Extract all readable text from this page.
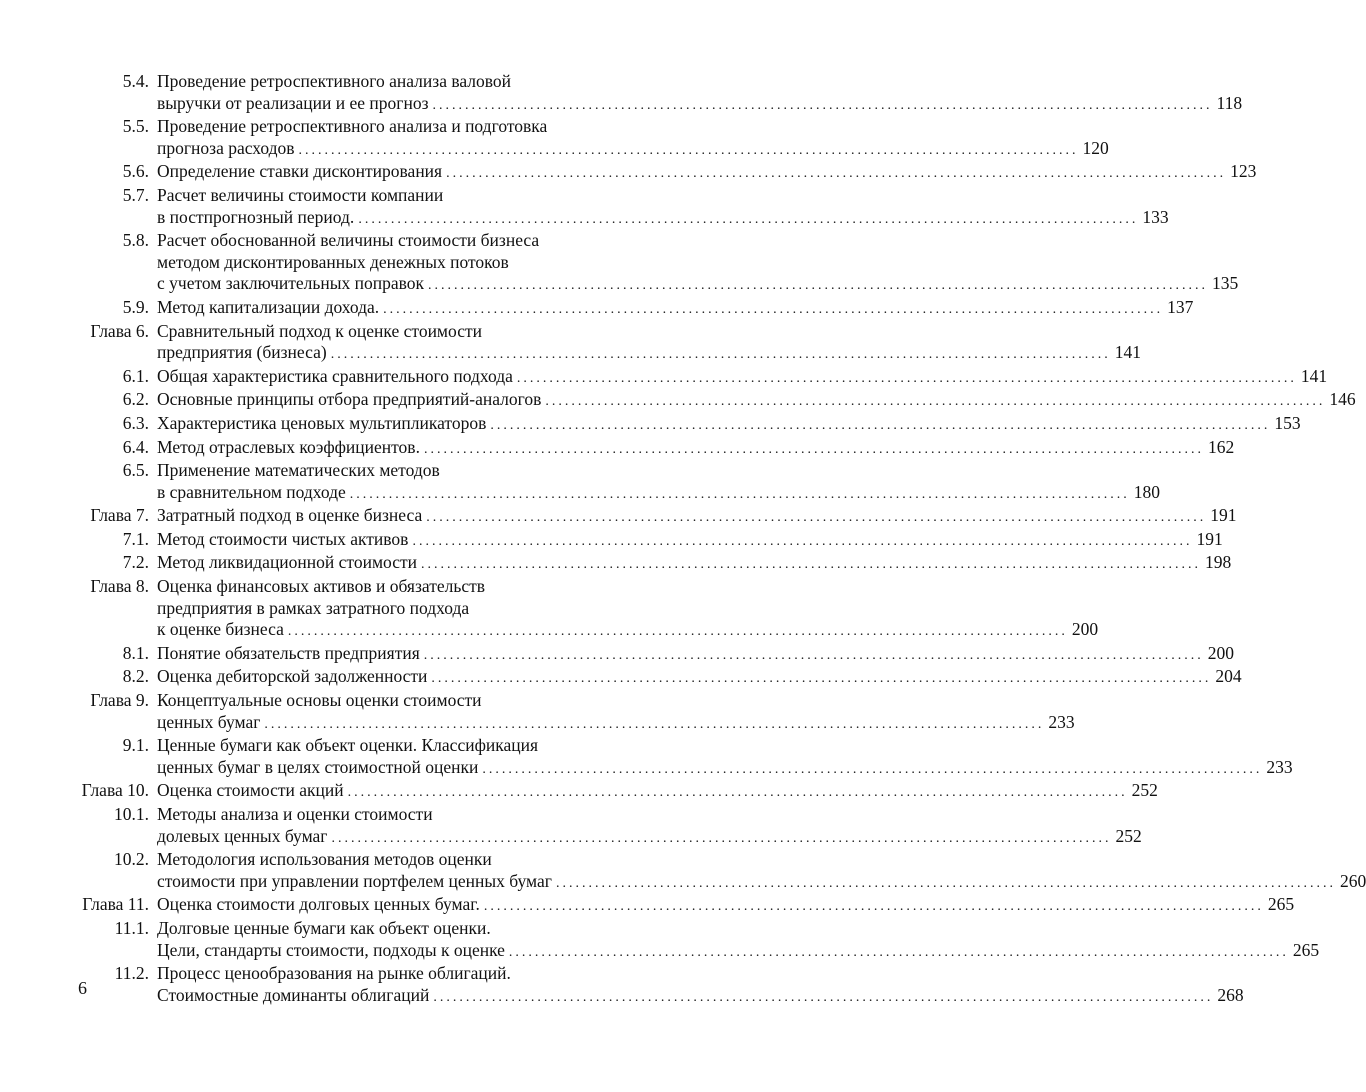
5.4. Проведение ретроспективного анализа валовой
выручки от реализации и ее прогноз ........................................................................................................................ 118
5.5. Проведение ретроспективного анализа и подготовка
прогноза расходов ........................................................................................................................ 120
5.6. Определение ставки дисконтирования ........................................................................................................................ 123
5.7. Расчет величины стоимости компании
в постпрогнозный период. ........................................................................................................................ 133
5.8. Расчет обоснованной величины стоимости бизнеса
методом дисконтированных денежных потоков
с учетом заключительных поправок ........................................................................................................................ 135
5.9. Метод капитализации дохода. ........................................................................................................................ 137
Глава 6. Сравнительный подход к оценке стоимости
предприятия (бизнеса) ........................................................................................................................ 141
6.1. Общая характеристика сравнительного подхода ........................................................................................................................ 141
6.2. Основные принципы отбора предприятий-аналогов ........................................................................................................................ 146
6.3. Характеристика ценовых мультипликаторов ........................................................................................................................ 153
6.4. Метод отраслевых коэффициентов. ........................................................................................................................ 162
6.5. Применение математических методов
в сравнительном подходе ........................................................................................................................ 180
Глава 7. Затратный подход в оценке бизнеса ........................................................................................................................ 191
7.1. Метод стоимости чистых активов ........................................................................................................................ 191
7.2. Метод ликвидационной стоимости ........................................................................................................................ 198
Глава 8. Оценка финансовых активов и обязательств
предприятия в рамках затратного подхода
к оценке бизнеса ........................................................................................................................ 200
8.1. Понятие обязательств предприятия ........................................................................................................................ 200
8.2. Оценка дебиторской задолженности ........................................................................................................................ 204
Глава 9. Концептуальные основы оценки стоимости
ценных бумаг ........................................................................................................................ 233
9.1. Ценные бумаги как объект оценки. Классификация
ценных бумаг в целях стоимостной оценки ........................................................................................................................ 233
Глава 10. Оценка стоимости акций ........................................................................................................................ 252
10.1. Методы анализа и оценки стоимости
долевых ценных бумаг ........................................................................................................................ 252
10.2. Методология использования методов оценки
стоимости при управлении портфелем ценных бумаг ........................................................................................................................ 260
Глава 11. Оценка стоимости долговых ценных бумаг. ........................................................................................................................ 265
11.1. Долговые ценные бумаги как объект оценки.
Цели, стандарты стоимости, подходы к оценке ........................................................................................................................ 265
11.2. Процесс ценообразования на рынке облигаций.
Стоимостные доминанты облигаций ........................................................................................................................ 268
6
